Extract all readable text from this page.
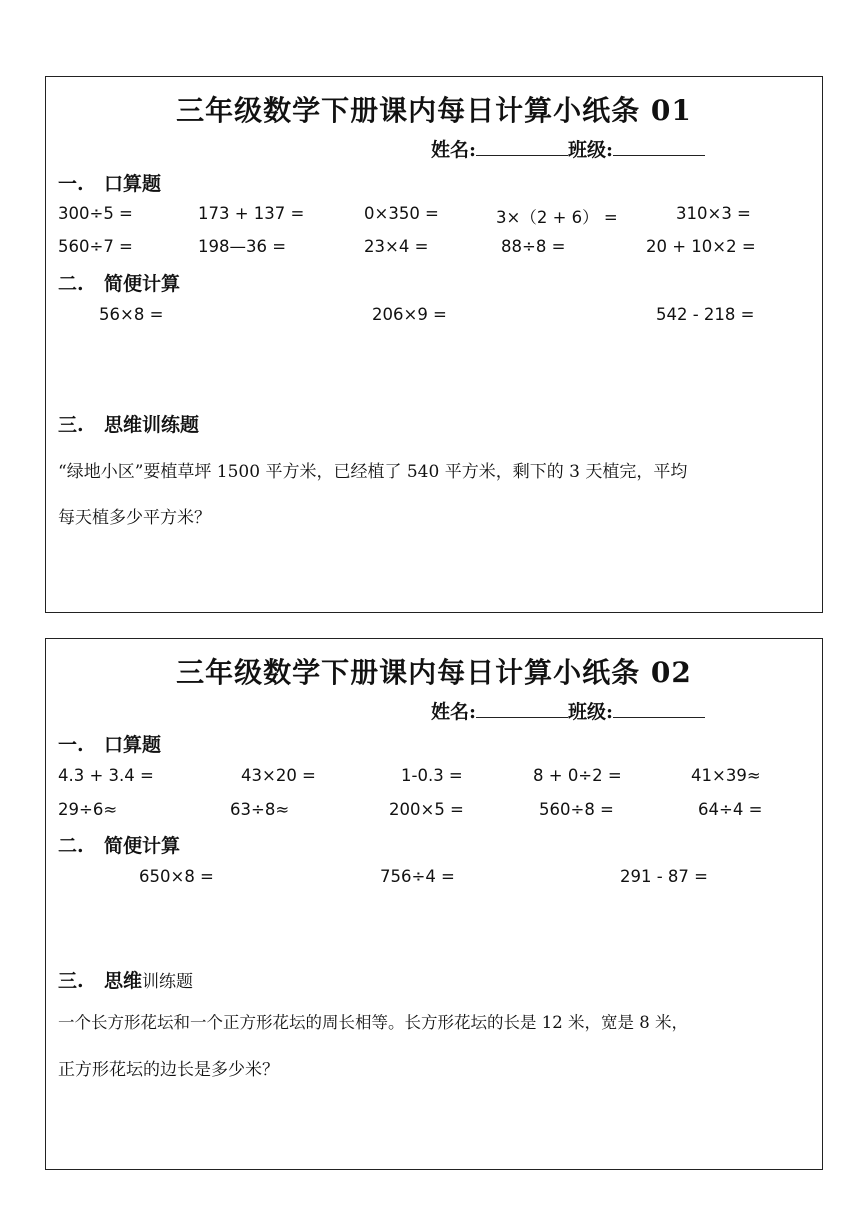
三年级数学下册课内每日计算小纸条 01
姓名:	班级:
一. 口算题
300÷5 =	173 + 137 =	0×350 =	3×（2 + 6） =	310×3 =
560÷7 =	198—36 =	23×4 =	88÷8 =	20 + 10×2 =
二. 简便计算
56×8 =	206×9 =	542 - 218 =
三. 思维训练题
“绿地小区”要植草坪 1500 平方米，已经植了 540 平方米，剩下的 3 天植完，平均
每天植多少平方米？
三年级数学下册课内每日计算小纸条 02
姓名:	班级:
一. 口算题
4.3 + 3.4 =	43×20 =	1-0.3 =	8 + 0÷2 =	41×39≈
29÷6≈	63÷8≈	200×5 =	560÷8 =	64÷4 =
二. 简便计算
650×8 =	756÷4 =	291 - 87 =
三. 思维训练题
一个长方形花坛和一个正方形花坛的周长相等。长方形花坛的长是 12 米，宽是 8 米，
正方形花坛的边长是多少米？
